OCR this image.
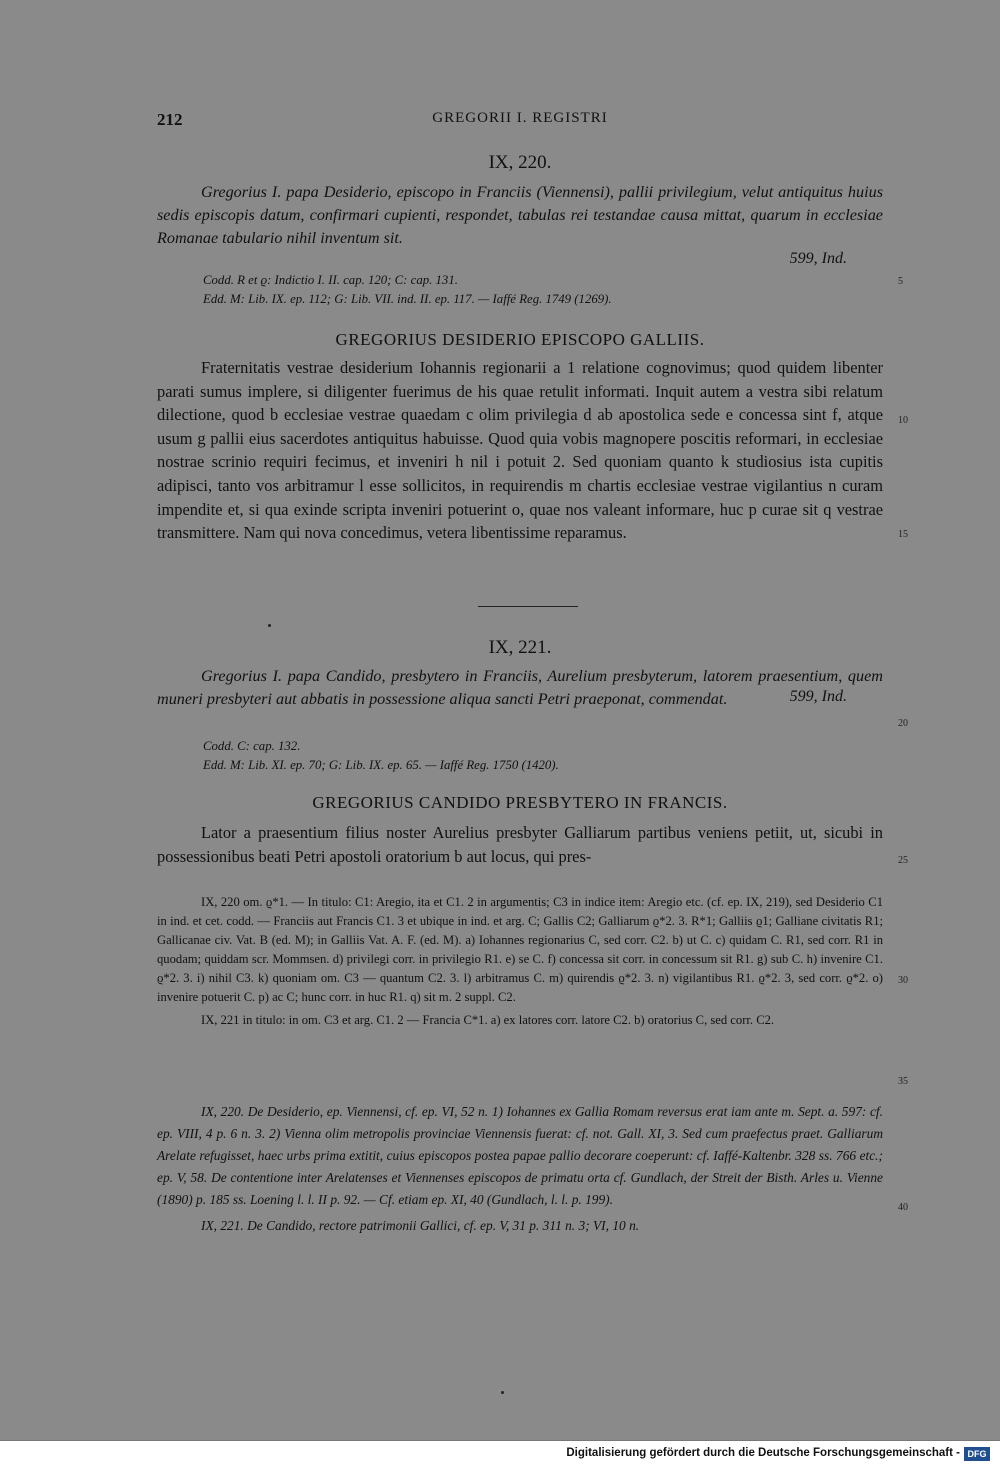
212	GREGORII I. REGISTRI

IX, 220.

Gregorius I. papa Desiderio, episcopo in Franciis (Viennensi), pallii privilegium, velut antiquitus huius sedis episcopis datum, confirmari cupienti, respondet, tabulas rei testandae causa mittat, quarum in ecclesiae Romanae tabulario nihil inventum sit.

599, Ind.

Codd. R et ϱ: Indictio I. II. cap. 120; C: cap. 131.

Edd. M: Lib. IX. ep. 112; G: Lib. VII. ind. II. ep. 117. — Iaffé Reg. 1749 (1269).

GREGORIUS DESIDERIO EPISCOPO GALLIIS.

Fraternitatis vestrae desiderium Iohannis regionarii a 1 relatione cognovimus; quod quidem libenter parati sumus implere, si diligenter fuerimus de his quae retulit informati. Inquit autem a vestra sibi relatum dilectione, quod b ecclesiae vestrae quaedam c olim privilegia d ab apostolica sede e concessa sint f, atque usum g pallii eius sacerdotes antiquitus habuisse. Quod quia vobis magnopere poscitis reformari, in ecclesiae nostrae scrinio requiri fecimus, et inveniri h nil i potuit 2. Sed quoniam quanto k studiosius ista cupitis adipisci, tanto vos arbitramur l esse sollicitos, in requirendis m chartis ecclesiae vestrae vigilantius n curam impendite et, si qua exinde scripta inveniri potuerint o, quae nos valeant informare, huc p curae sit q vestrae transmittere. Nam qui nova concedimus, vetera libentissime reparamus.

IX, 221.

Gregorius I. papa Candido, presbytero in Franciis, Aurelium presbyterum, latorem praesentium, quem muneri presbyteri aut abbatis in possessione aliqua sancti Petri praeponat, commendat.	599, Ind.

Codd. C: cap. 132.

Edd. M: Lib. XI. ep. 70; G: Lib. IX. ep. 65. — Iaffé Reg. 1750 (1420).

GREGORIUS CANDIDO PRESBYTERO IN FRANCIS.

Lator a praesentium filius noster Aurelius presbyter Galliarum partibus veniens petiit, ut, sicubi in possessionibus beati Petri apostoli oratorium b aut locus, qui pres-

IX, 220 om. ϱ*1. — In titulo: C1: Aregio, ita et C1. 2 in argumentis; C3 in indice item: Aregio etc. (cf. ep. IX, 219), sed Desiderio C1 in ind. et cet. codd. — Franciis aut Francis C1. 3 et ubique in ind. et arg. C; Gallis C2; Galliarum ϱ*2. 3. R*1; Galliis ϱ1; Galliane civitatis R1; Gallicanae civ. Vat. B (ed. M); in Galliis Vat. A. F. (ed. M). a) Iohannes regionarius C, sed corr. C2. b) ut C. c) quidam C. R1, sed corr. R1 in quodam; quiddam scr. Mommsen. d) privilegi corr. in privilegio R1. e) se C. f) concessa sit corr. in concessum sit R1. g) sub C. h) invenire C1. ϱ*2. 3. i) nihil C3. k) quoniam om. C3 — quantum C2. 3. l) arbitramus C. m) quirendis ϱ*2. 3. n) vigilantibus R1. ϱ*2. 3, sed corr. ϱ*2. o) invenire potuerit C. p) ac C; hunc corr. in huc R1. q) sit m. 2 suppl. C2.

IX, 221 in titulo: in om. C3 et arg. C1. 2 — Francia C*1. a) ex latores corr. latore C2. b) oratorius C, sed corr. C2.

IX, 220. De Desiderio, ep. Viennensi, cf. ep. VI, 52 n. 1) Iohannes ex Gallia Romam reversus erat iam ante m. Sept. a. 597: cf. ep. VIII, 4 p. 6 n. 3. 2) Vienna olim metropolis provinciae Viennensis fuerat: cf. not. Gall. XI, 3. Sed cum praefectus praet. Galliarum Arelate refugisset, haec urbs prima extitit, cuius episcopos postea papae pallio decorare coeperunt: cf. Iaffé-Kaltenbr. 328 ss. 766 etc.; ep. V, 58. De contentione inter Arelatenses et Viennenses episcopos de primatu orta cf. Gundlach, der Streit der Bisth. Arles u. Vienne (1890) p. 185 ss. Loening l. l. II p. 92. — Cf. etiam ep. XI, 40 (Gundlach, l. l. p. 199).

IX, 221. De Candido, rectore patrimonii Gallici, cf. ep. V, 31 p. 311 n. 3; VI, 10 n.

5
10
15
20
25
30
35
40
Digitalisierung gefördert durch die Deutsche Forschungsgemeinschaft - DFG
